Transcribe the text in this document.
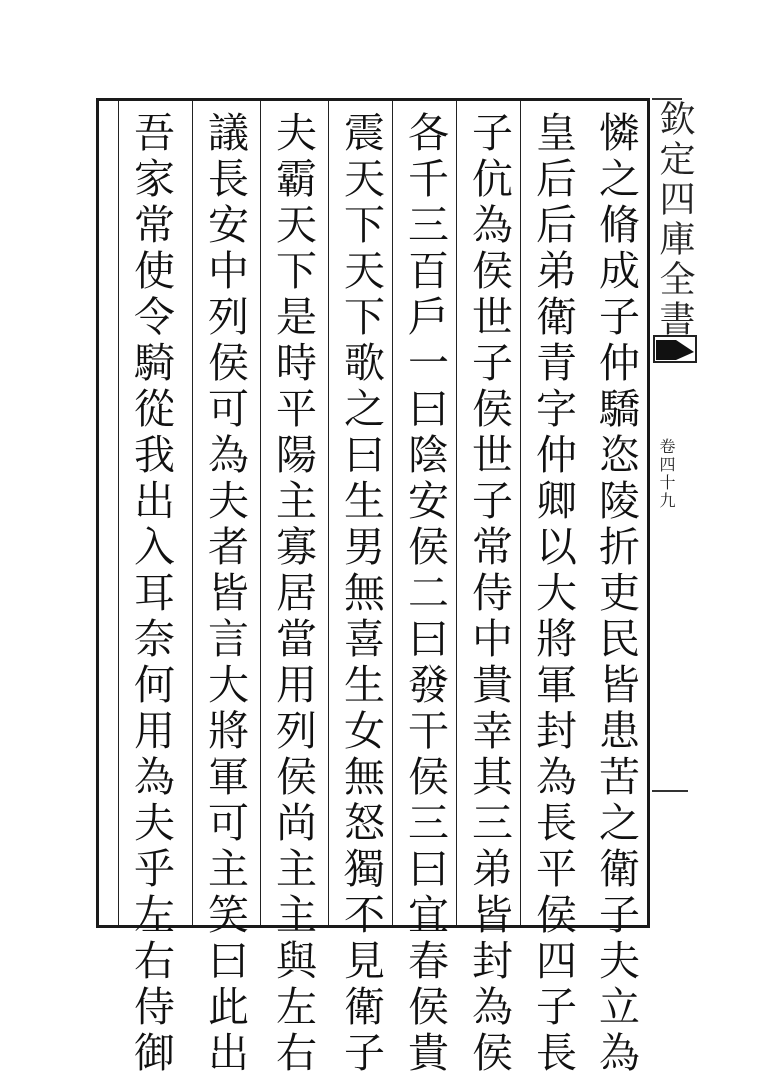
憐之脩成子仲驕恣陵折吏民皆患苦之衛子夫立為
皇后后弟衛青字仲卿以大將軍封為長平侯四子長
子伉為侯世子侯世子常侍中貴幸其三弟皆封為侯
各千三百戶一曰陰安侯二曰發干侯三曰宜春侯貴
震天下天下歌之曰生男無喜生女無怒獨不見衛子
夫霸天下是時平陽主寡居當用列侯尚主主與左右
議長安中列侯可為夫者皆言大將軍可主笑曰此出
吾家常使令騎從我出入耳奈何用為夫乎左右侍御	欽定四庫全書
卷四十九
